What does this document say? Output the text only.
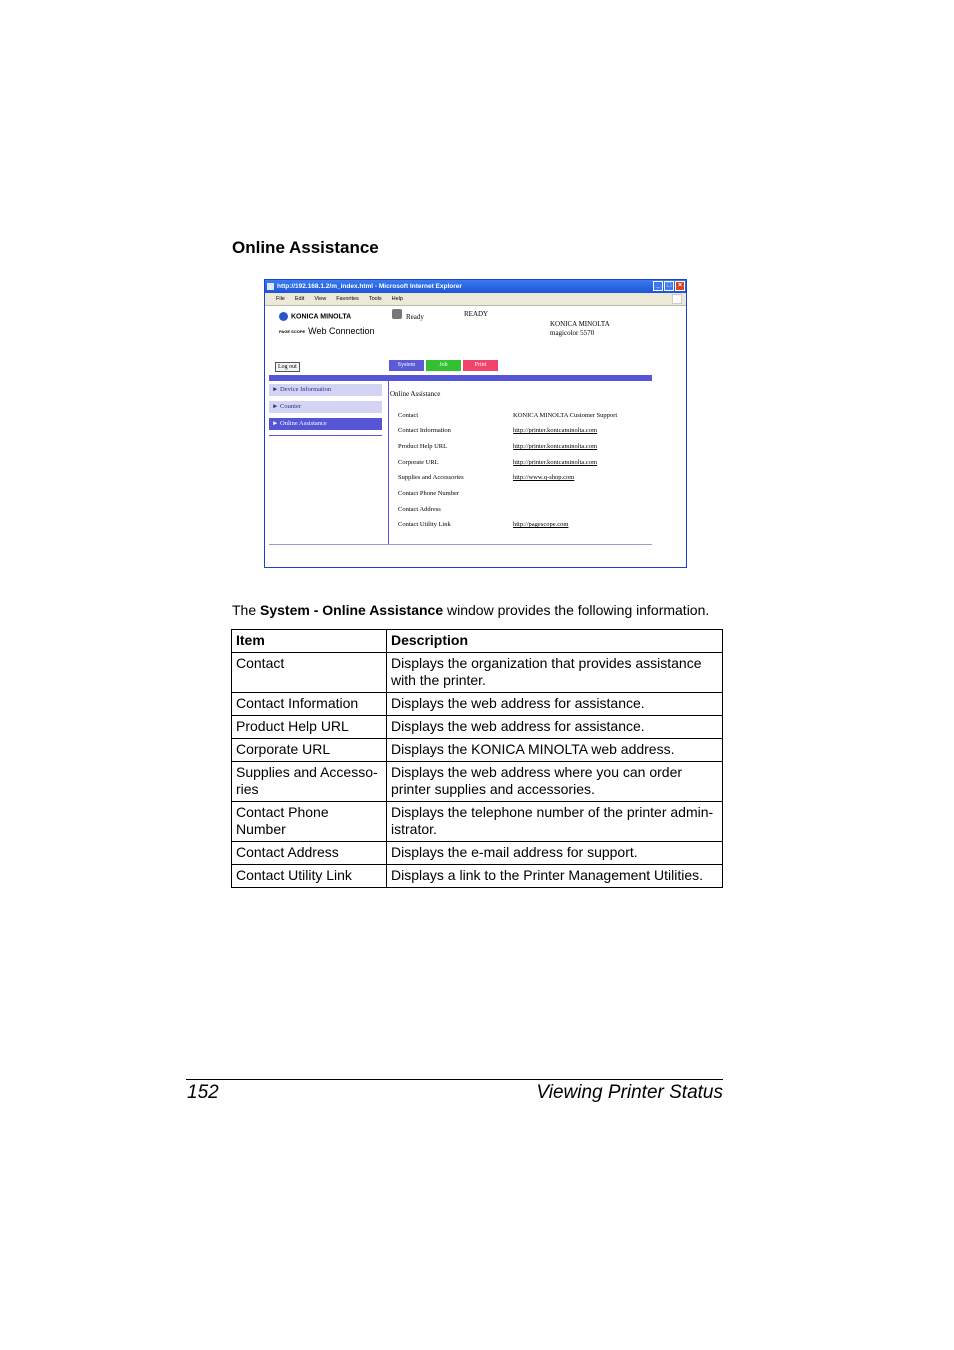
Online Assistance
http://192.168.1.2/m_index.html - Microsoft Internet Explorer	_ □ ×
File Edit View Favorites Tools Help
KONICA MINOLTA
PAGE SCOPE Web Connection
Ready	READY
KONICA MINOLTA
magicolor 5570
Log out	System	Job	Print
► Device Information
► Counter
► Online Assistance
Online Assistance
Contact	KONICA MINOLTA Customer Support
Contact Information	http://printer.konicaminolta.com
Product Help URL	http://printer.konicaminolta.com
Corporate URL	http://printer.konicaminolta.com
Supplies and Accessories	http://www.q-shop.com
Contact Phone Number
Contact Address
Contact Utility Link	http://pagescope.com
The System - Online Assistance window provides the following information.
Item	Description
Contact	Displays the organization that provides assistance with the printer.
Contact Information	Displays the web address for assistance.
Product Help URL	Displays the web address for assistance.
Corporate URL	Displays the KONICA MINOLTA web address.
Supplies and Accesso-ries	Displays the web address where you can order printer supplies and accessories.
Contact Phone Number	Displays the telephone number of the printer admin-istrator.
Contact Address	Displays the e-mail address for support.
Contact Utility Link	Displays a link to the Printer Management Utilities.
152	Viewing Printer Status
